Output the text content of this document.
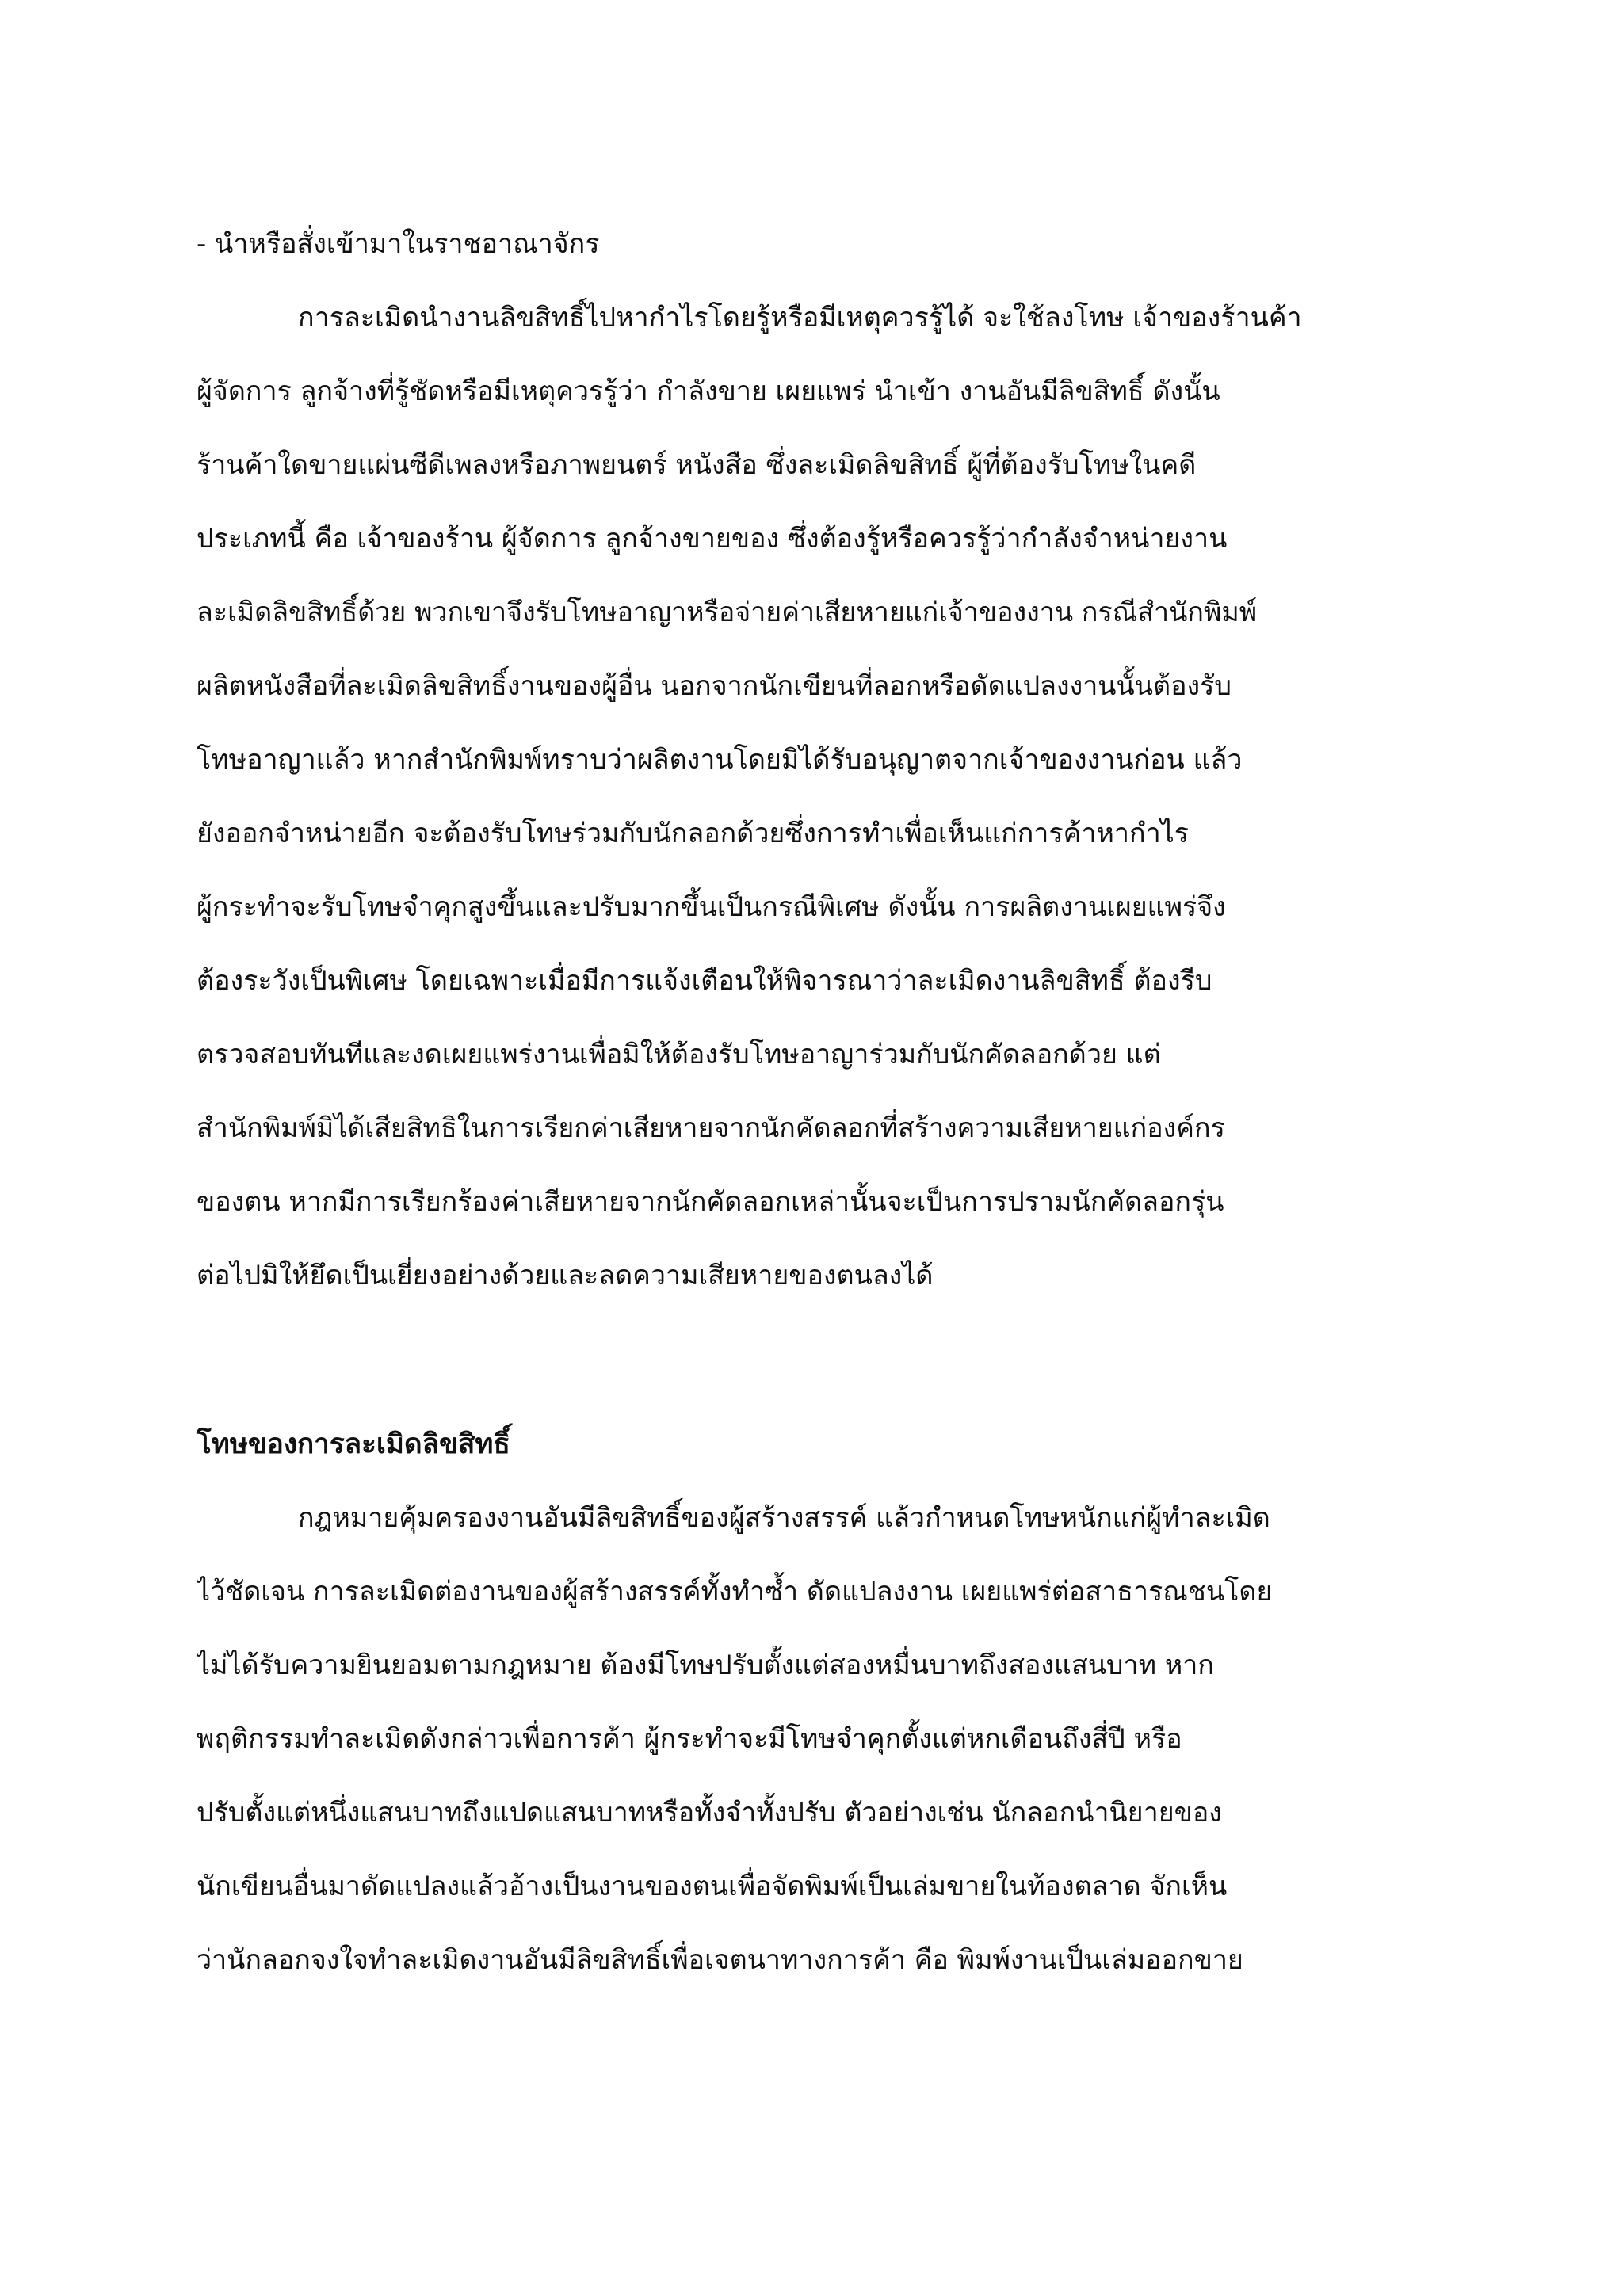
- นำหรือสั่งเข้ามาในราชอาณาจักร
การละเมิดนำงานลิขสิทธิ์ไปหากำไรโดยรู้หรือมีเหตุควรรู้ได้ จะใช้ลงโทษ เจ้าของร้านค้า
ผู้จัดการ ลูกจ้างที่รู้ชัดหรือมีเหตุควรรู้ว่า กำลังขาย เผยแพร่ นำเข้า งานอันมีลิขสิทธิ์ ดังนั้น
ร้านค้าใดขายแผ่นซีดีเพลงหรือภาพยนตร์ หนังสือ ซึ่งละเมิดลิขสิทธิ์ ผู้ที่ต้องรับโทษในคดี
ประเภทนี้ คือ เจ้าของร้าน ผู้จัดการ ลูกจ้างขายของ ซึ่งต้องรู้หรือควรรู้ว่ากำลังจำหน่ายงาน
ละเมิดลิขสิทธิ์ด้วย พวกเขาจึงรับโทษอาญาหรือจ่ายค่าเสียหายแก่เจ้าของงาน กรณีสำนักพิมพ์
ผลิตหนังสือที่ละเมิดลิขสิทธิ์งานของผู้อื่น นอกจากนักเขียนที่ลอกหรือดัดแปลงงานนั้นต้องรับ
โทษอาญาแล้ว หากสำนักพิมพ์ทราบว่าผลิตงานโดยมิได้รับอนุญาตจากเจ้าของงานก่อน แล้ว
ยังออกจำหน่ายอีก จะต้องรับโทษร่วมกับนักลอกด้วยซึ่งการทำเพื่อเห็นแก่การค้าหากำไร
ผู้กระทำจะรับโทษจำคุกสูงขึ้นและปรับมากขึ้นเป็นกรณีพิเศษ ดังนั้น การผลิตงานเผยแพร่จึง
ต้องระวังเป็นพิเศษ โดยเฉพาะเมื่อมีการแจ้งเตือนให้พิจารณาว่าละเมิดงานลิขสิทธิ์ ต้องรีบ
ตรวจสอบทันทีและงดเผยแพร่งานเพื่อมิให้ต้องรับโทษอาญาร่วมกับนักคัดลอกด้วย แต่
สำนักพิมพ์มิได้เสียสิทธิในการเรียกค่าเสียหายจากนักคัดลอกที่สร้างความเสียหายแก่องค์กร
ของตน หากมีการเรียกร้องค่าเสียหายจากนักคัดลอกเหล่านั้นจะเป็นการปรามนักคัดลอกรุ่น
ต่อไปมิให้ยึดเป็นเยี่ยงอย่างด้วยและลดความเสียหายของตนลงได้
โทษของการละเมิดลิขสิทธิ์
กฎหมายคุ้มครองงานอันมีลิขสิทธิ์ของผู้สร้างสรรค์ แล้วกำหนดโทษหนักแก่ผู้ทำละเมิด
ไว้ชัดเจน การละเมิดต่องานของผู้สร้างสรรค์ทั้งทำซ้ำ ดัดแปลงงาน เผยแพร่ต่อสาธารณชนโดย
ไม่ได้รับความยินยอมตามกฎหมาย ต้องมีโทษปรับตั้งแต่สองหมื่นบาทถึงสองแสนบาท หาก
พฤติกรรมทำละเมิดดังกล่าวเพื่อการค้า ผู้กระทำจะมีโทษจำคุกตั้งแต่หกเดือนถึงสี่ปี หรือ
ปรับตั้งแต่หนึ่งแสนบาทถึงแปดแสนบาทหรือทั้งจำทั้งปรับ ตัวอย่างเช่น นักลอกนำนิยายของ
นักเขียนอื่นมาดัดแปลงแล้วอ้างเป็นงานของตนเพื่อจัดพิมพ์เป็นเล่มขายในท้องตลาด จักเห็น
ว่านักลอกจงใจทำละเมิดงานอันมีลิขสิทธิ์เพื่อเจตนาทางการค้า คือ พิมพ์งานเป็นเล่มออกขาย
